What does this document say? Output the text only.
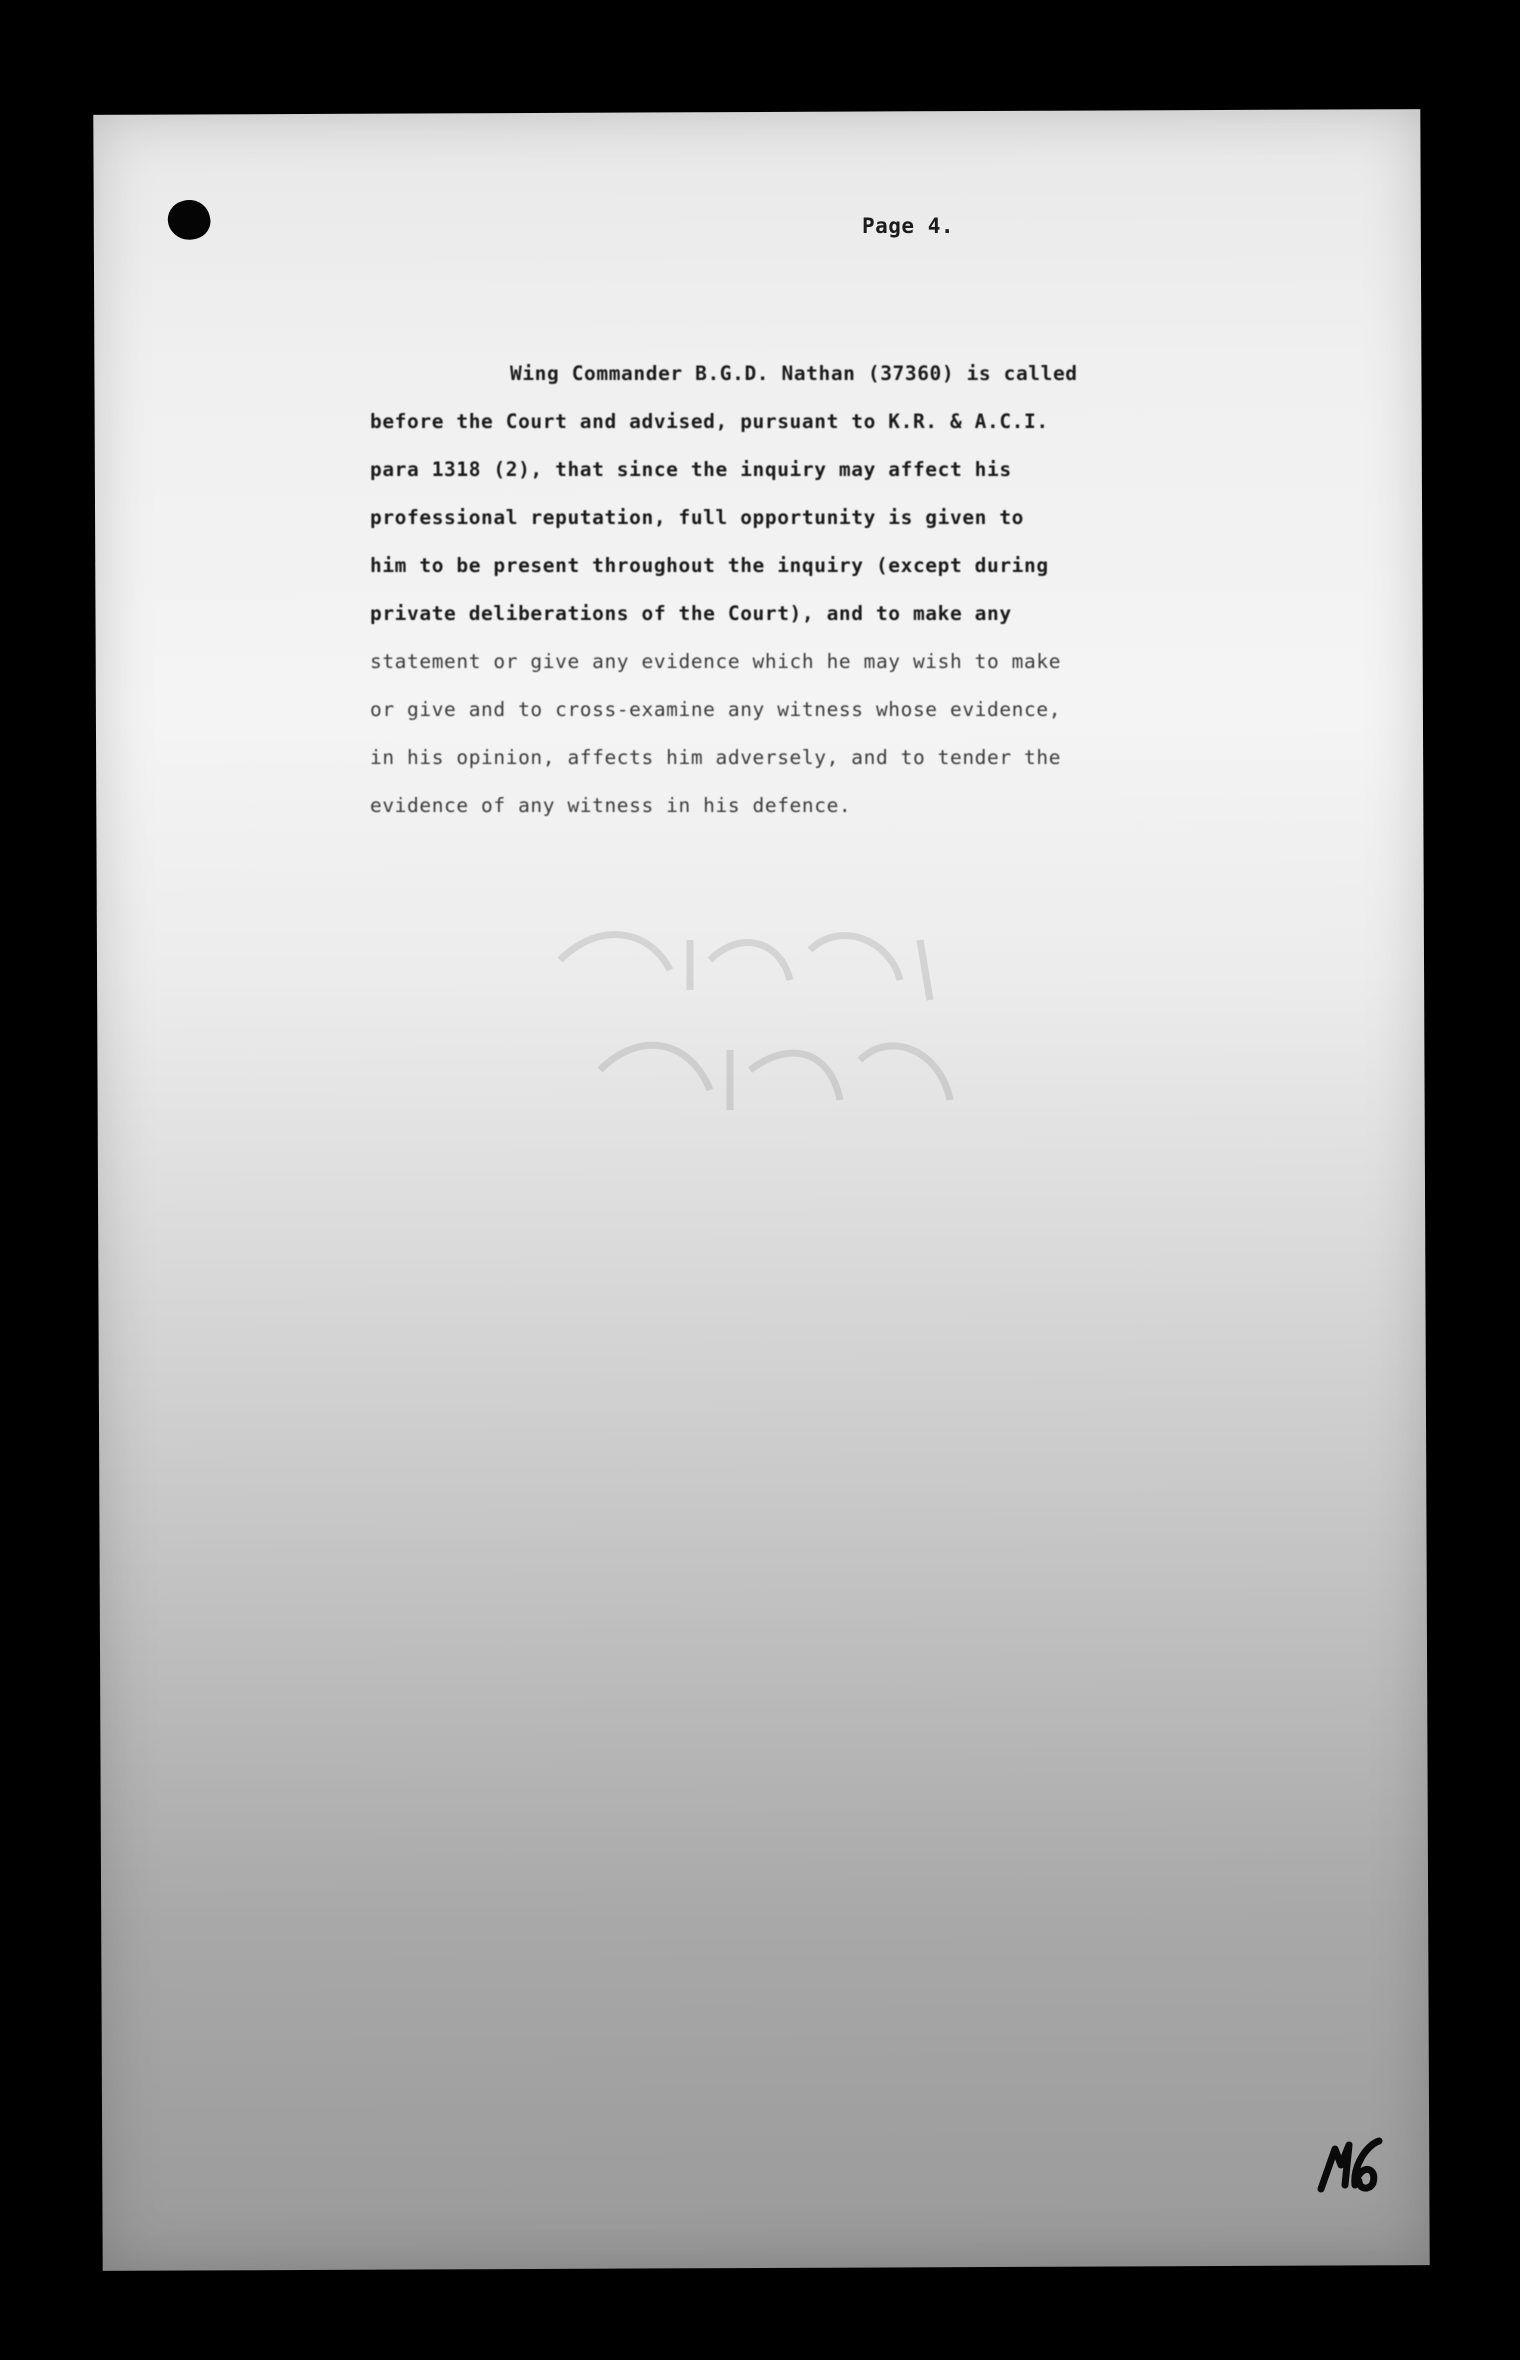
Page 4.
Wing Commander B.G.D. Nathan (37360) is called
before the Court and advised, pursuant to K.R. & A.C.I.
para 1318 (2), that since the inquiry may affect his
professional reputation, full opportunity is given to
him to be present throughout the inquiry (except during
private deliberations of the Court), and to make any
statement or give any evidence which he may wish to make
or give and to cross-examine any witness whose evidence,
in his opinion, affects him adversely, and to tender the
evidence of any witness in his defence.
